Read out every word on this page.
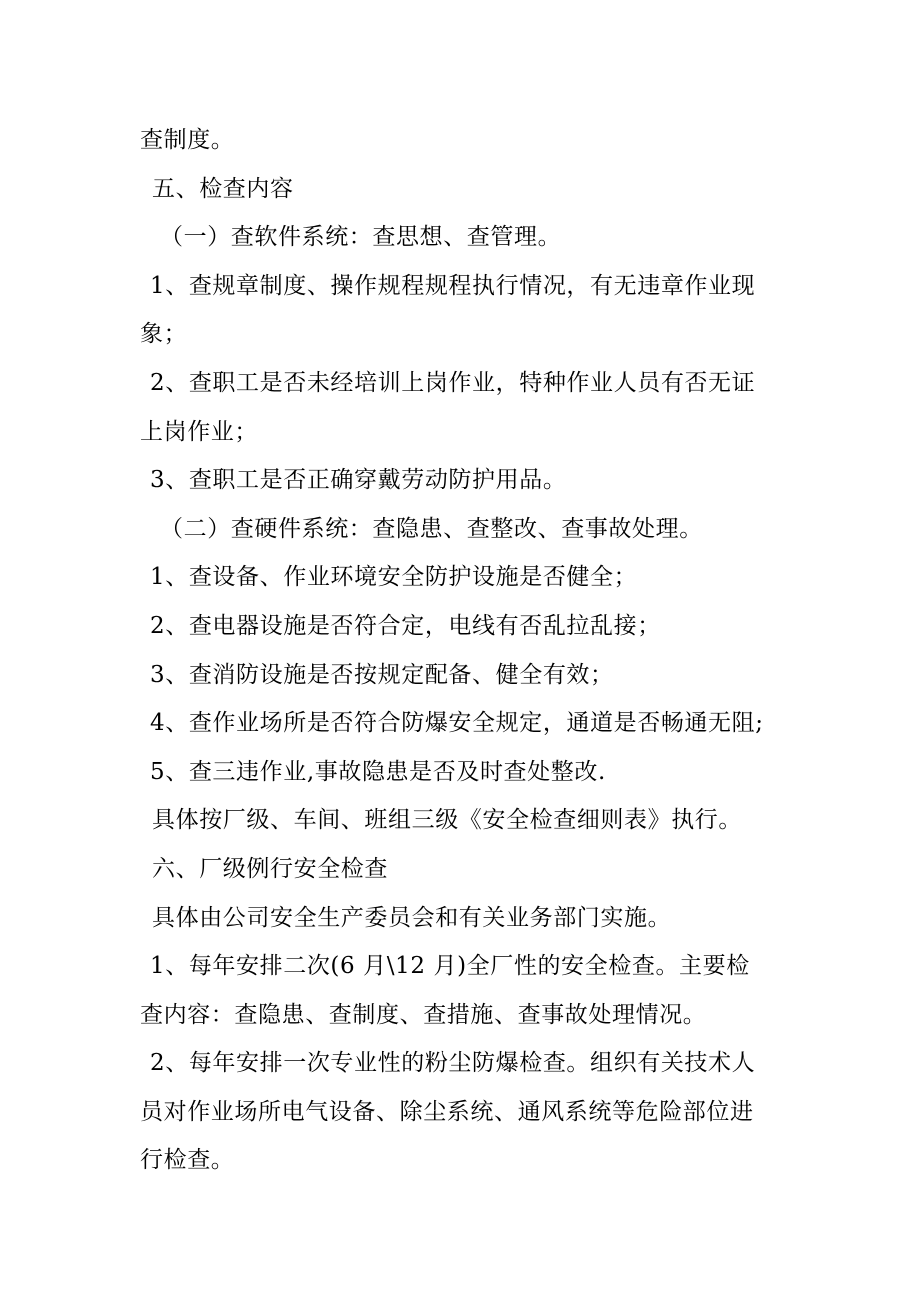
查制度。
五、检查内容
（一）查软件系统：查思想、查管理。
1、查规章制度、操作规程规程执行情况，有无违章作业现
象；
2、查职工是否未经培训上岗作业，特种作业人员有否无证
上岗作业；
3、查职工是否正确穿戴劳动防护用品。
（二）查硬件系统：查隐患、查整改、查事故处理。
1、查设备、作业环境安全防护设施是否健全；
2、查电器设施是否符合定，电线有否乱拉乱接；
3、查消防设施是否按规定配备、健全有效；
4、查作业场所是否符合防爆安全规定，通道是否畅通无阻;
5、查三违作业,事故隐患是否及时查处整改.
具体按厂级、车间、班组三级《安全检查细则表》执行。
六、厂级例行安全检查
具体由公司安全生产委员会和有关业务部门实施。
1、每年安排二次(6 月\12 月)全厂性的安全检查。主要检
查内容：查隐患、查制度、查措施、查事故处理情况。
2、每年安排一次专业性的粉尘防爆检查。组织有关技术人
员对作业场所电气设备、除尘系统、通风系统等危险部位进
行检查。
